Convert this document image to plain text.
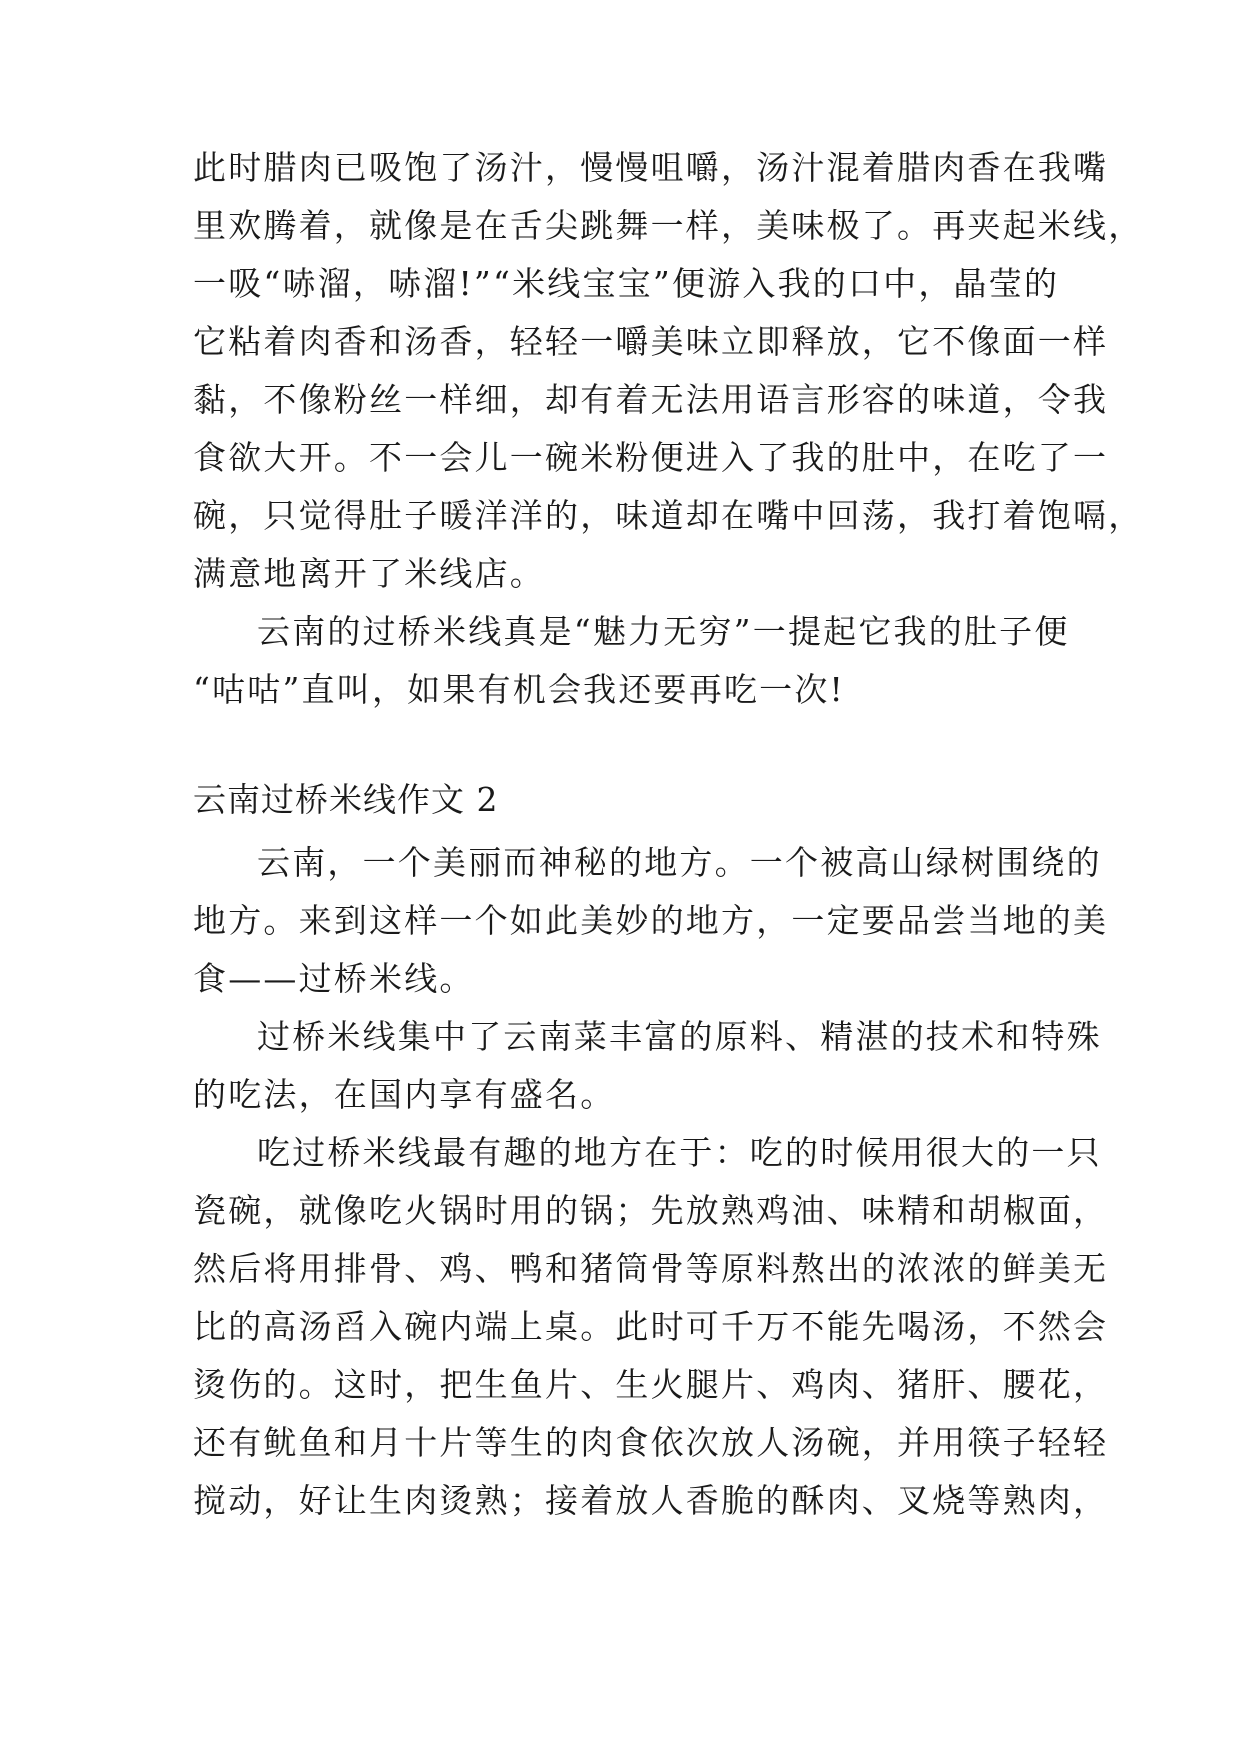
此时腊肉已吸饱了汤汁，慢慢咀嚼，汤汁混着腊肉香在我嘴
里欢腾着，就像是在舌尖跳舞一样，美味极了。再夹起米线，
一吸“哧溜，哧溜!”“米线宝宝”便游入我的口中，晶莹的
它粘着肉香和汤香，轻轻一嚼美味立即释放，它不像面一样
黏，不像粉丝一样细，却有着无法用语言形容的味道，令我
食欲大开。不一会儿一碗米粉便进入了我的肚中，在吃了一
碗，只觉得肚子暖洋洋的，味道却在嘴中回荡，我打着饱嗝，
满意地离开了米线店。
云南的过桥米线真是“魅力无穷”一提起它我的肚子便
“咕咕”直叫，如果有机会我还要再吃一次!
云南过桥米线作文 2
云南，一个美丽而神秘的地方。一个被高山绿树围绕的
地方。来到这样一个如此美妙的地方，一定要品尝当地的美
食——过桥米线。
过桥米线集中了云南菜丰富的原料、精湛的技术和特殊
的吃法，在国内享有盛名。
吃过桥米线最有趣的地方在于：吃的时候用很大的一只
瓷碗，就像吃火锅时用的锅；先放熟鸡油、味精和胡椒面，
然后将用排骨、鸡、鸭和猪筒骨等原料熬出的浓浓的鲜美无
比的高汤舀入碗内端上桌。此时可千万不能先喝汤，不然会
烫伤的。这时，把生鱼片、生火腿片、鸡肉、猪肝、腰花，
还有鱿鱼和月十片等生的肉食依次放人汤碗，并用筷子轻轻
搅动，好让生肉烫熟；接着放人香脆的酥肉、叉烧等熟肉，
